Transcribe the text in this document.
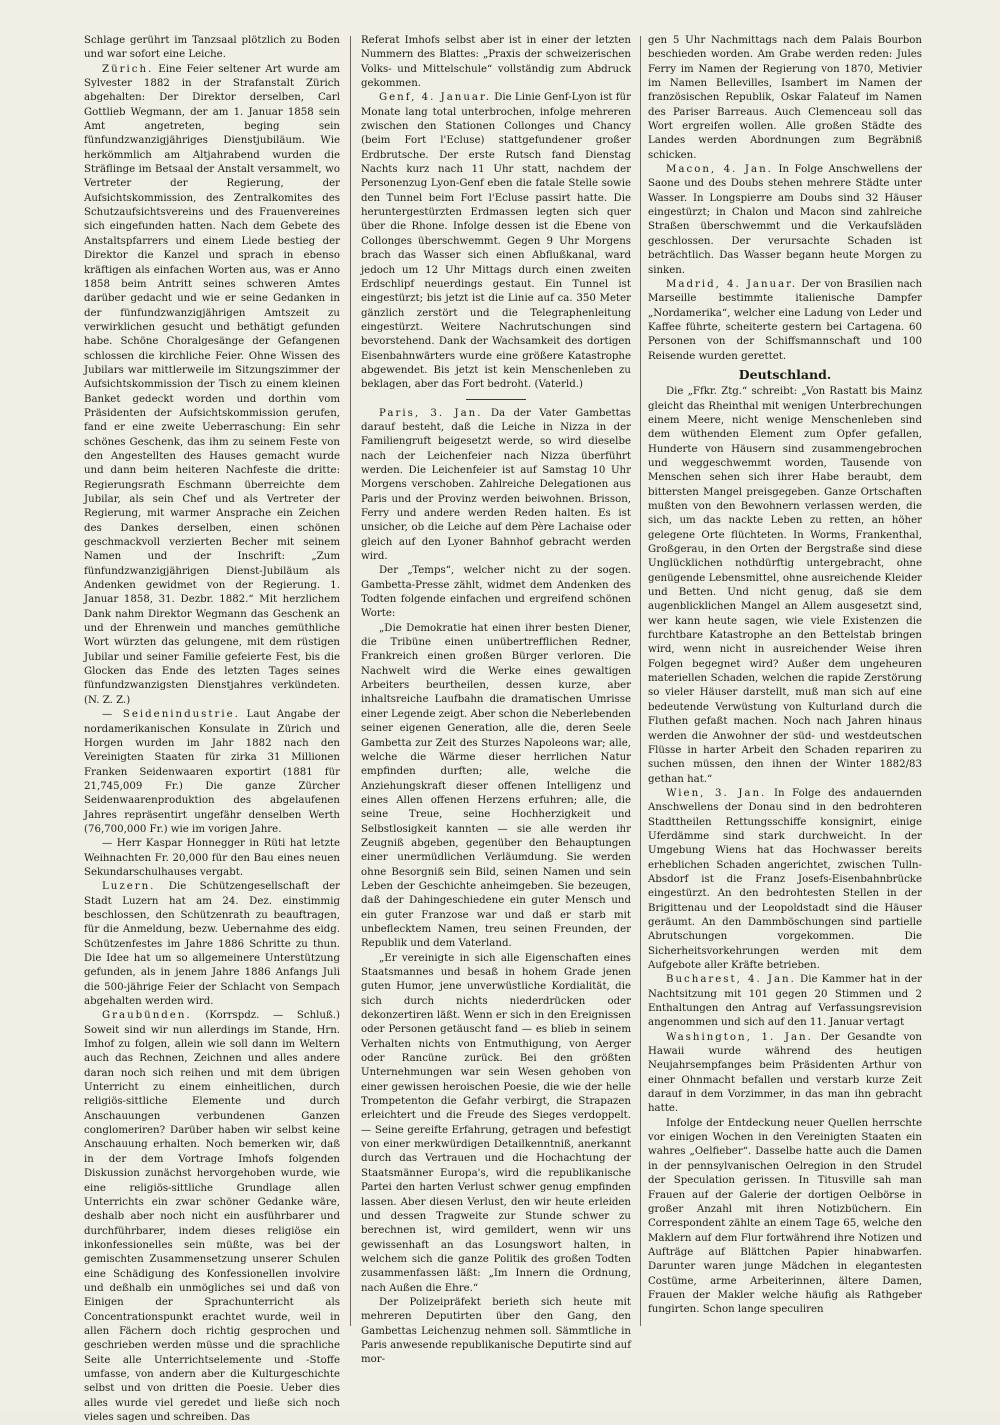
Schlage gerührt im Tanzsaal plötzlich zu Boden und war sofort eine Leiche.

Zürich. Eine Feier seltener Art wurde am Sylvester 1882 in der Strafanstalt Zürich abgehalten: Der Direktor derselben, Carl Gottlieb Wegmann, der am 1. Januar 1858 sein Amt angetreten, beging sein fünfundzwanzigjähriges Dienstjubiläum. Wie herkömmlich am Altjahrabend wurden die Sträflinge im Betsaal der Anstalt versammelt, wo Vertreter der Regierung, der Aufsichtskommission, des Zentralkomites des Schutzaufsichtsvereins und des Frauenvereines sich eingefunden hatten. Nach dem Gebete des Anstaltspfarrers und einem Liede bestieg der Direktor die Kanzel und sprach in ebenso kräftigen als einfachen Worten aus, was er Anno 1858 beim Antritt seines schweren Amtes darüber gedacht und wie er seine Gedanken in der fünfundzwanzigjährigen Amtszeit zu verwirklichen gesucht und bethätigt gefunden habe. Schöne Choralgesänge der Gefangenen schlossen die kirchliche Feier. Ohne Wissen des Jubilars war mittlerweile im Sitzungszimmer der Aufsichtskommission der Tisch zu einem kleinen Banket gedeckt worden und dorthin vom Präsidenten der Aufsichtskommission gerufen, fand er eine zweite Ueberraschung: Ein sehr schönes Geschenk, das ihm zu seinem Feste von den Angestellten des Hauses gemacht wurde und dann beim heiteren Nachfeste die dritte: Regierungsrath Eschmann überreichte dem Jubilar, als sein Chef und als Vertreter der Regierung, mit warmer Ansprache ein Zeichen des Dankes derselben, einen schönen geschmackvoll verzierten Becher mit seinem Namen und der Inschrift: „Zum fünfundzwanzigjährigen Dienst-Jubiläum als Andenken gewidmet von der Regierung. 1. Januar 1858, 31. Dezbr. 1882.“ Mit herzlichem Dank nahm Direktor Wegmann das Geschenk an und der Ehrenwein und manches gemüthliche Wort würzten das gelungene, mit dem rüstigen Jubilar und seiner Familie gefeierte Fest, bis die Glocken das Ende des letzten Tages seines fünfundzwanzigsten Dienstjahres verkündeten. (N. Z. Z.)

— Seidenindustrie. Laut Angabe der nordamerikanischen Konsulate in Zürich und Horgen wurden im Jahr 1882 nach den Vereinigten Staaten für zirka 31 Millionen Franken Seidenwaaren exportirt (1881 für 21,745,009 Fr.) Die ganze Zürcher Seidenwaarenproduktion des abgelaufenen Jahres repräsentirt ungefähr denselben Werth (76,700,000 Fr.) wie im vorigen Jahre.

— Herr Kaspar Honnegger in Rüti hat letzte Weihnachten Fr. 20,000 für den Bau eines neuen Sekundarschulhauses vergabt.

Luzern. Die Schützengesellschaft der Stadt Luzern hat am 24. Dez. einstimmig beschlossen, den Schützenrath zu beauftragen, für die Anmeldung, bezw. Uebernahme des eidg. Schützenfestes im Jahre 1886 Schritte zu thun. Die Idee hat um so allgemeinere Unterstützung gefunden, als in jenem Jahre 1886 Anfangs Juli die 500-jährige Feier der Schlacht von Sempach abgehalten werden wird.

Graubünden. (Korrspdz. — Schluß.) Soweit sind wir nun allerdings im Stande, Hrn. Imhof zu folgen, allein wie soll dann im Weltern auch das Rechnen, Zeichnen und alles andere daran noch sich reihen und mit dem übrigen Unterricht zu einem einheitlichen, durch religiös-sittliche Elemente und durch Anschauungen verbundenen Ganzen conglomeriren? Darüber haben wir selbst keine Anschauung erhalten. Noch bemerken wir, daß in der dem Vortrage Imhofs folgenden Diskussion zunächst hervorgehoben wurde, wie eine religiös-sittliche Grundlage allen Unterrichts ein zwar schöner Gedanke wäre, deshalb aber noch nicht ein ausführbarer und durchführbarer, indem dieses religiöse ein inkonfessionelles sein müßte, was bei der gemischten Zusammensetzung unserer Schulen eine Schädigung des Konfessionellen involvire und deßhalb ein unmögliches sei und daß von Einigen der Sprachunterricht als Concentrationspunkt erachtet wurde, weil in allen Fächern doch richtig gesprochen und geschrieben werden müsse und die sprachliche Seite alle Unterrichtselemente und -Stoffe umfasse, von andern aber die Kulturgeschichte selbst und von dritten die Poesie. Ueber dies alles wurde viel geredet und ließe sich noch vieles sagen und schreiben. Das

Referat Imhofs selbst aber ist in einer der letzten Nummern des Blattes: „Praxis der schweizerischen Volks- und Mittelschule“ vollständig zum Abdruck gekommen.

Genf, 4. Januar. Die Linie Genf-Lyon ist für Monate lang total unterbrochen, infolge mehreren zwischen den Stationen Collonges und Chancy (beim Fort l'Ecluse) stattgefundener großer Erdbrutsche. Der erste Rutsch fand Dienstag Nachts kurz nach 11 Uhr statt, nachdem der Personenzug Lyon-Genf eben die fatale Stelle sowie den Tunnel beim Fort l'Ecluse passirt hatte. Die heruntergestürzten Erdmassen legten sich quer über die Rhone. Infolge dessen ist die Ebene von Collonges überschwemmt. Gegen 9 Uhr Morgens brach das Wasser sich einen Abflußkanal, ward jedoch um 12 Uhr Mittags durch einen zweiten Erdschlipf neuerdings gestaut. Ein Tunnel ist eingestürzt; bis jetzt ist die Linie auf ca. 350 Meter gänzlich zerstört und die Telegraphenleitung eingestürzt. Weitere Nachrutschungen sind bevorstehend. Dank der Wachsamkeit des dortigen Eisenbahnwärters wurde eine größere Katastrophe abgewendet. Bis jetzt ist kein Menschenleben zu beklagen, aber das Fort bedroht. (Vaterld.)

Paris, 3. Jan. Da der Vater Gambettas darauf besteht, daß die Leiche in Nizza in der Familiengruft beigesetzt werde, so wird dieselbe nach der Leichenfeier nach Nizza überführt werden. Die Leichenfeier ist auf Samstag 10 Uhr Morgens verschoben. Zahlreiche Delegationen aus Paris und der Provinz werden beiwohnen. Brisson, Ferry und andere werden Reden halten. Es ist unsicher, ob die Leiche auf dem Père Lachaise oder gleich auf den Lyoner Bahnhof gebracht werden wird.

Der „Temps“, welcher nicht zu der sogen. Gambetta-Presse zählt, widmet dem Andenken des Todten folgende einfachen und ergreifend schönen Worte:

„Die Demokratie hat einen ihrer besten Diener, die Tribüne einen unübertrefflichen Redner, Frankreich einen großen Bürger verloren. Die Nachwelt wird die Werke eines gewaltigen Arbeiters beurtheilen, dessen kurze, aber inhaltsreiche Laufbahn die dramatischen Umrisse einer Legende zeigt. Aber schon die Neberlebenden seiner eigenen Generation, alle die, deren Seele Gambetta zur Zeit des Sturzes Napoleons war; alle, welche die Wärme dieser herrlichen Natur empfinden durften; alle, welche die Anziehungskraft dieser offenen Intelligenz und eines Allen offenen Herzens erfuhren; alle, die seine Treue, seine Hochherzigkeit und Selbstlosigkeit kannten — sie alle werden ihr Zeugniß abgeben, gegenüber den Behauptungen einer unermüdlichen Verläumdung. Sie werden ohne Besorgniß sein Bild, seinen Namen und sein Leben der Geschichte anheimgeben. Sie bezeugen, daß der Dahingeschiedene ein guter Mensch und ein guter Franzose war und daß er starb mit unbeflecktem Namen, treu seinen Freunden, der Republik und dem Vaterland.

„Er vereinigte in sich alle Eigenschaften eines Staatsmannes und besaß in hohem Grade jenen guten Humor, jene unverwüstliche Kordialität, die sich durch nichts niederdrücken oder dekonzertiren läßt. Wenn er sich in den Ereignissen oder Personen getäuscht fand — es blieb in seinem Verhalten nichts von Entmuthigung, von Aerger oder Rancüne zurück. Bei den größten Unternehmungen war sein Wesen gehoben von einer gewissen heroischen Poesie, die wie der helle Trompetenton die Gefahr verbirgt, die Strapazen erleichtert und die Freude des Sieges verdoppelt. — Seine gereifte Erfahrung, getragen und befestigt von einer merkwürdigen Detailkenntniß, anerkannt durch das Vertrauen und die Hochachtung der Staatsmänner Europa's, wird die republikanische Partei den harten Verlust schwer genug empfinden lassen. Aber diesen Verlust, den wir heute erleiden und dessen Tragweite zur Stunde schwer zu berechnen ist, wird gemildert, wenn wir uns gewissenhaft an das Losungswort halten, in welchem sich die ganze Politik des großen Todten zusammenfassen läßt: „Im Innern die Ordnung, nach Außen die Ehre.“

Der Polizeipräfekt berieth sich heute mit mehreren Deputirten über den Gang, den Gambettas Leichenzug nehmen soll. Sämmtliche in Paris anwesende republikanische Deputirte sind auf mor-

gen 5 Uhr Nachmittags nach dem Palais Bourbon beschieden worden. Am Grabe werden reden: Jules Ferry im Namen der Regierung von 1870, Metivier im Namen Bellevilles, Isambert im Namen der französischen Republik, Oskar Falateuf im Namen des Pariser Barreaus. Auch Clemenceau soll das Wort ergreifen wollen. Alle großen Städte des Landes werden Abordnungen zum Begräbniß schicken.

Macon, 4. Jan. In Folge Anschwellens der Saone und des Doubs stehen mehrere Städte unter Wasser. In Longspierre am Doubs sind 32 Häuser eingestürzt; in Chalon und Macon sind zahlreiche Straßen überschwemmt und die Verkaufsläden geschlossen. Der verursachte Schaden ist beträchtlich. Das Wasser begann heute Morgen zu sinken.

Madrid, 4. Januar. Der von Brasilien nach Marseille bestimmte italienische Dampfer „Nordamerika“, welcher eine Ladung von Leder und Kaffee führte, scheiterte gestern bei Cartagena. 60 Personen von der Schiffsmannschaft und 100 Reisende wurden gerettet.

Deutschland.

Die „Ffkr. Ztg.“ schreibt: „Von Rastatt bis Mainz gleicht das Rheinthal mit wenigen Unterbrechungen einem Meere, nicht wenige Menschenleben sind dem wüthenden Element zum Opfer gefallen, Hunderte von Häusern sind zusammengebrochen und weggeschwemmt worden, Tausende von Menschen sehen sich ihrer Habe beraubt, dem bittersten Mangel preisgegeben. Ganze Ortschaften mußten von den Bewohnern verlassen werden, die sich, um das nackte Leben zu retten, an höher gelegene Orte flüchteten. In Worms, Frankenthal, Großgerau, in den Orten der Bergstraße sind diese Unglücklichen nothdürftig untergebracht, ohne genügende Lebensmittel, ohne ausreichende Kleider und Betten. Und nicht genug, daß sie dem augenblicklichen Mangel an Allem ausgesetzt sind, wer kann heute sagen, wie viele Existenzen die furchtbare Katastrophe an den Bettelstab bringen wird, wenn nicht in ausreichender Weise ihren Folgen begegnet wird? Außer dem ungeheuren materiellen Schaden, welchen die rapide Zerstörung so vieler Häuser darstellt, muß man sich auf eine bedeutende Verwüstung von Kulturland durch die Fluthen gefaßt machen. Noch nach Jahren hinaus werden die Anwohner der süd- und westdeutschen Flüsse in harter Arbeit den Schaden repariren zu suchen müssen, den ihnen der Winter 1882/83 gethan hat.“

Wien, 3. Jan. In Folge des andauernden Anschwellens der Donau sind in den bedrohteren Stadttheilen Rettungsschiffe konsignirt, einige Uferdämme sind stark durchweicht. In der Umgebung Wiens hat das Hochwasser bereits erheblichen Schaden angerichtet, zwischen Tulln-Absdorf ist die Franz Josefs-Eisenbahnbrücke eingestürzt. An den bedrohtesten Stellen in der Brigittenau und der Leopoldstadt sind die Häuser geräumt. An den Dammböschungen sind partielle Abrutschungen vorgekommen. Die Sicherheitsvorkehrungen werden mit dem Aufgebote aller Kräfte betrieben.

Bucharest, 4. Jan. Die Kammer hat in der Nachtsitzung mit 101 gegen 20 Stimmen und 2 Enthaltungen den Antrag auf Verfassungsrevision angenommen und sich auf den 11. Januar vertagt

Washington, 1. Jan. Der Gesandte von Hawaii wurde während des heutigen Neujahrsempfanges beim Präsidenten Arthur von einer Ohnmacht befallen und verstarb kurze Zeit darauf in dem Vorzimmer, in das man ihn gebracht hatte.

Infolge der Entdeckung neuer Quellen herrschte vor einigen Wochen in den Vereinigten Staaten ein wahres „Oelfieber“. Dasselbe hatte auch die Damen in der pennsylvanischen Oelregion in den Strudel der Speculation gerissen. In Titusville sah man Frauen auf der Galerie der dortigen Oelbörse in großer Anzahl mit ihren Notizbüchern. Ein Correspondent zählte an einem Tage 65, welche den Maklern auf dem Flur fortwährend ihre Notizen und Aufträge auf Blättchen Papier hinabwarfen. Darunter waren junge Mädchen in elegantesten Costüme, arme Arbeiterinnen, ältere Damen, Frauen der Makler welche häufig als Rathgeber fungirten. Schon lange speculiren
